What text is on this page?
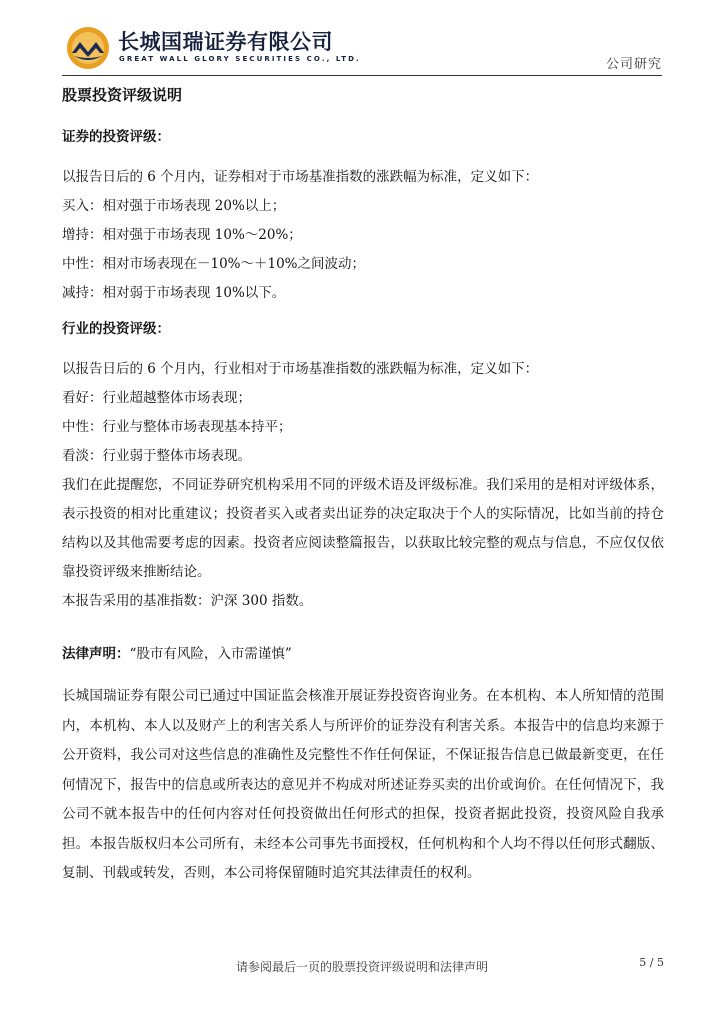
长城国瑞证券有限公司
GREAT WALL GLORY SECURITIES CO., LTD.	公司研究
股票投资评级说明
证券的投资评级：

以报告日后的 6 个月内，证券相对于市场基准指数的涨跌幅为标准，定义如下：

买入：相对强于市场表现 20%以上；

增持：相对强于市场表现 10%～20%；

中性：相对市场表现在－10%～＋10%之间波动；

减持：相对弱于市场表现 10%以下。

行业的投资评级：

以报告日后的 6 个月内，行业相对于市场基准指数的涨跌幅为标准，定义如下：

看好：行业超越整体市场表现；

中性：行业与整体市场表现基本持平；

看淡：行业弱于整体市场表现。

我们在此提醒您，不同证券研究机构采用不同的评级术语及评级标准。我们采用的是相对评级体系，表示投资的相对比重建议；投资者买入或者卖出证券的决定取决于个人的实际情况，比如当前的持仓结构以及其他需要考虑的因素。投资者应阅读整篇报告，以获取比较完整的观点与信息，不应仅仅依靠投资评级来推断结论。

本报告采用的基准指数：沪深 300 指数。

法律声明：“股市有风险，入市需谨慎”

长城国瑞证券有限公司已通过中国证监会核准开展证券投资咨询业务。在本机构、本人所知情的范围内，本机构、本人以及财产上的利害关系人与所评价的证券没有利害关系。本报告中的信息均来源于公开资料，我公司对这些信息的准确性及完整性不作任何保证，不保证报告信息已做最新变更，在任何情况下，报告中的信息或所表达的意见并不构成对所述证券买卖的出价或询价。在任何情况下，我公司不就本报告中的任何内容对任何投资做出任何形式的担保，投资者据此投资，投资风险自我承担。本报告版权归本公司所有，未经本公司事先书面授权，任何机构和个人均不得以任何形式翻版、复制、刊载或转发，否则，本公司将保留随时追究其法律责任的权利。

请参阅最后一页的股票投资评级说明和法律声明	5 / 5
